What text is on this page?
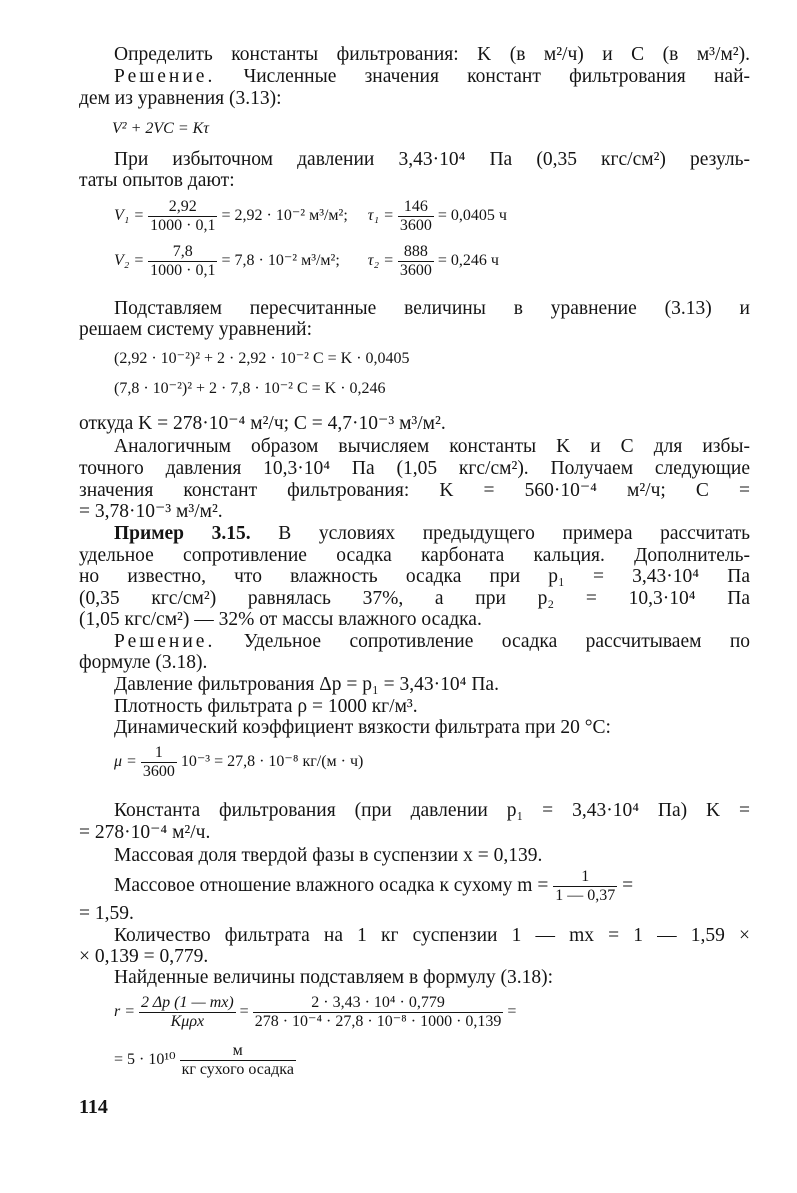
Определить константы фильтрования: K (в м²/ч) и C (в м³/м²).
Решение. Численные значения констант фильтрования най-
дем из уравнения (3.13):
V² + 2VC = Kτ
При избыточном давлении 3,43·10⁴ Па (0,35 кгс/см²) резуль-
таты опытов дают:
$V_1 = \frac{2,92}{1000 \cdot 0,1} = 2,92 \cdot 10^{-2}$ м³/м²; $\tau_1 = \frac{146}{3600} = 0,0405$ ч
$V_2 = \frac{7,8}{1000 \cdot 0,1} = 7,8 \cdot 10^{-2}$ м³/м²; $\tau_2 = \frac{888}{3600} = 0,246$ ч
Подставляем пересчитанные величины в уравнение (3.13) и
решаем систему уравнений:
(2,92 · 10⁻²)² + 2 · 2,92 · 10⁻² C = K · 0,0405
(7,8 · 10⁻²)² + 2 · 7,8 · 10⁻² C = K · 0,246
откуда K = 278·10⁻⁴ м²/ч; C = 4,7·10⁻³ м³/м².
Аналогичным образом вычисляем константы K и C для избы-
точного давления 10,3·10⁴ Па (1,05 кгс/см²). Получаем следующие
значения констант фильтрования: K = 560·10⁻⁴ м²/ч; C =
= 3,78·10⁻³ м³/м².
Пример 3.15. В условиях предыдущего примера рассчитать
удельное сопротивление осадка карбоната кальция. Дополнитель-
но известно, что влажность осадка при p₁ = 3,43·10⁴ Па
(0,35 кгс/см²) равнялась 37%, а при p₂ = 10,3·10⁴ Па
(1,05 кгс/см²) — 32% от массы влажного осадка.
Решение. Удельное сопротивление осадка рассчитываем по
формуле (3.18).
Давление фильтрования Δp = p₁ = 3,43·10⁴ Па.
Плотность фильтрата ρ = 1000 кг/м³.
Динамический коэффициент вязкости фильтрата при 20 °C:
$\mu = \frac{1}{3600} 10^{-3} = 27,8 \cdot 10^{-8}$ кг/(м · ч)
Константа фильтрования (при давлении p₁ = 3,43·10⁴ Па) K =
= 278·10⁻⁴ м²/ч.
Массовая доля твердой фазы в суспензии x = 0,139.
Массовое отношение влажного осадка к сухому $m = \frac{1}{1 — 0,37}$ =
= 1,59.
Количество фильтрата на 1 кг суспензии 1 — mx = 1 — 1,59 ×
× 0,139 = 0,779.
Найденные величины подставляем в формулу (3.18):
$r = \frac{2 \Delta p (1 — mx)}{\text{Kμρx}} = \frac{\text{2 · 3,43 · 10⁴ · 0,779}}{\text{278 · 10⁻⁴ · 27,8 · 10⁻⁸ · 1000 · 0,139}}$ =
= $5 \cdot 10^{10} \frac{м}{\text{кг сухого осадка}}$
114
